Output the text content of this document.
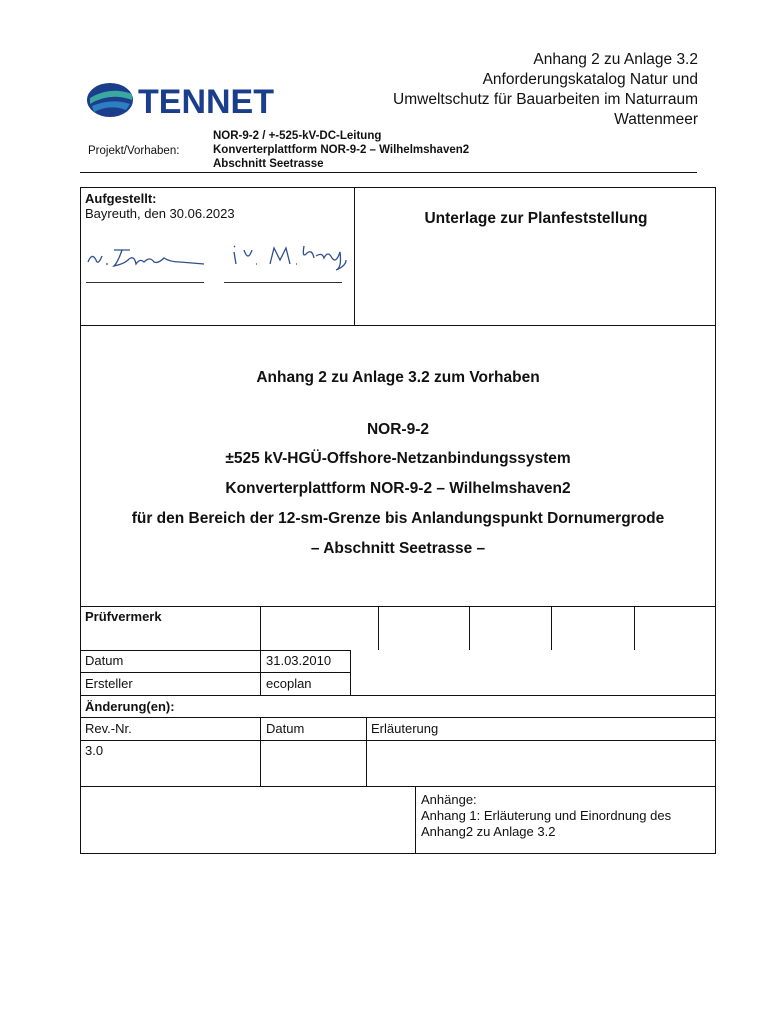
TENNET
Anhang 2 zu Anlage 3.2
Anforderungskatalog Natur und
Umweltschutz für Bauarbeiten im Naturraum
Wattenmeer
Projekt/Vorhaben:
NOR-9-2 / +-525-kV-DC-Leitung
Konverterplattform NOR-9-2 – Wilhelmshaven2
Abschnitt Seetrasse
Aufgestellt:
Bayreuth, den 30.06.2023	Unterlage zur Planfeststellung
Anhang 2 zu Anlage 3.2 zum Vorhaben
NOR-9-2
±525 kV-HGÜ-Offshore-Netzanbindungssystem
Konverterplattform NOR-9-2 – Wilhelmshaven2
für den Bereich der 12-sm-Grenze bis Anlandungspunkt Dornumergrode
– Abschnitt Seetrasse –
Prüfvermerk
Datum	31.03.2010
Ersteller	ecoplan
Änderung(en):
Rev.-Nr.	Datum	Erläuterung
3.0
Anhänge:
Anhang 1: Erläuterung und Einordnung des
Anhang2 zu Anlage 3.2
